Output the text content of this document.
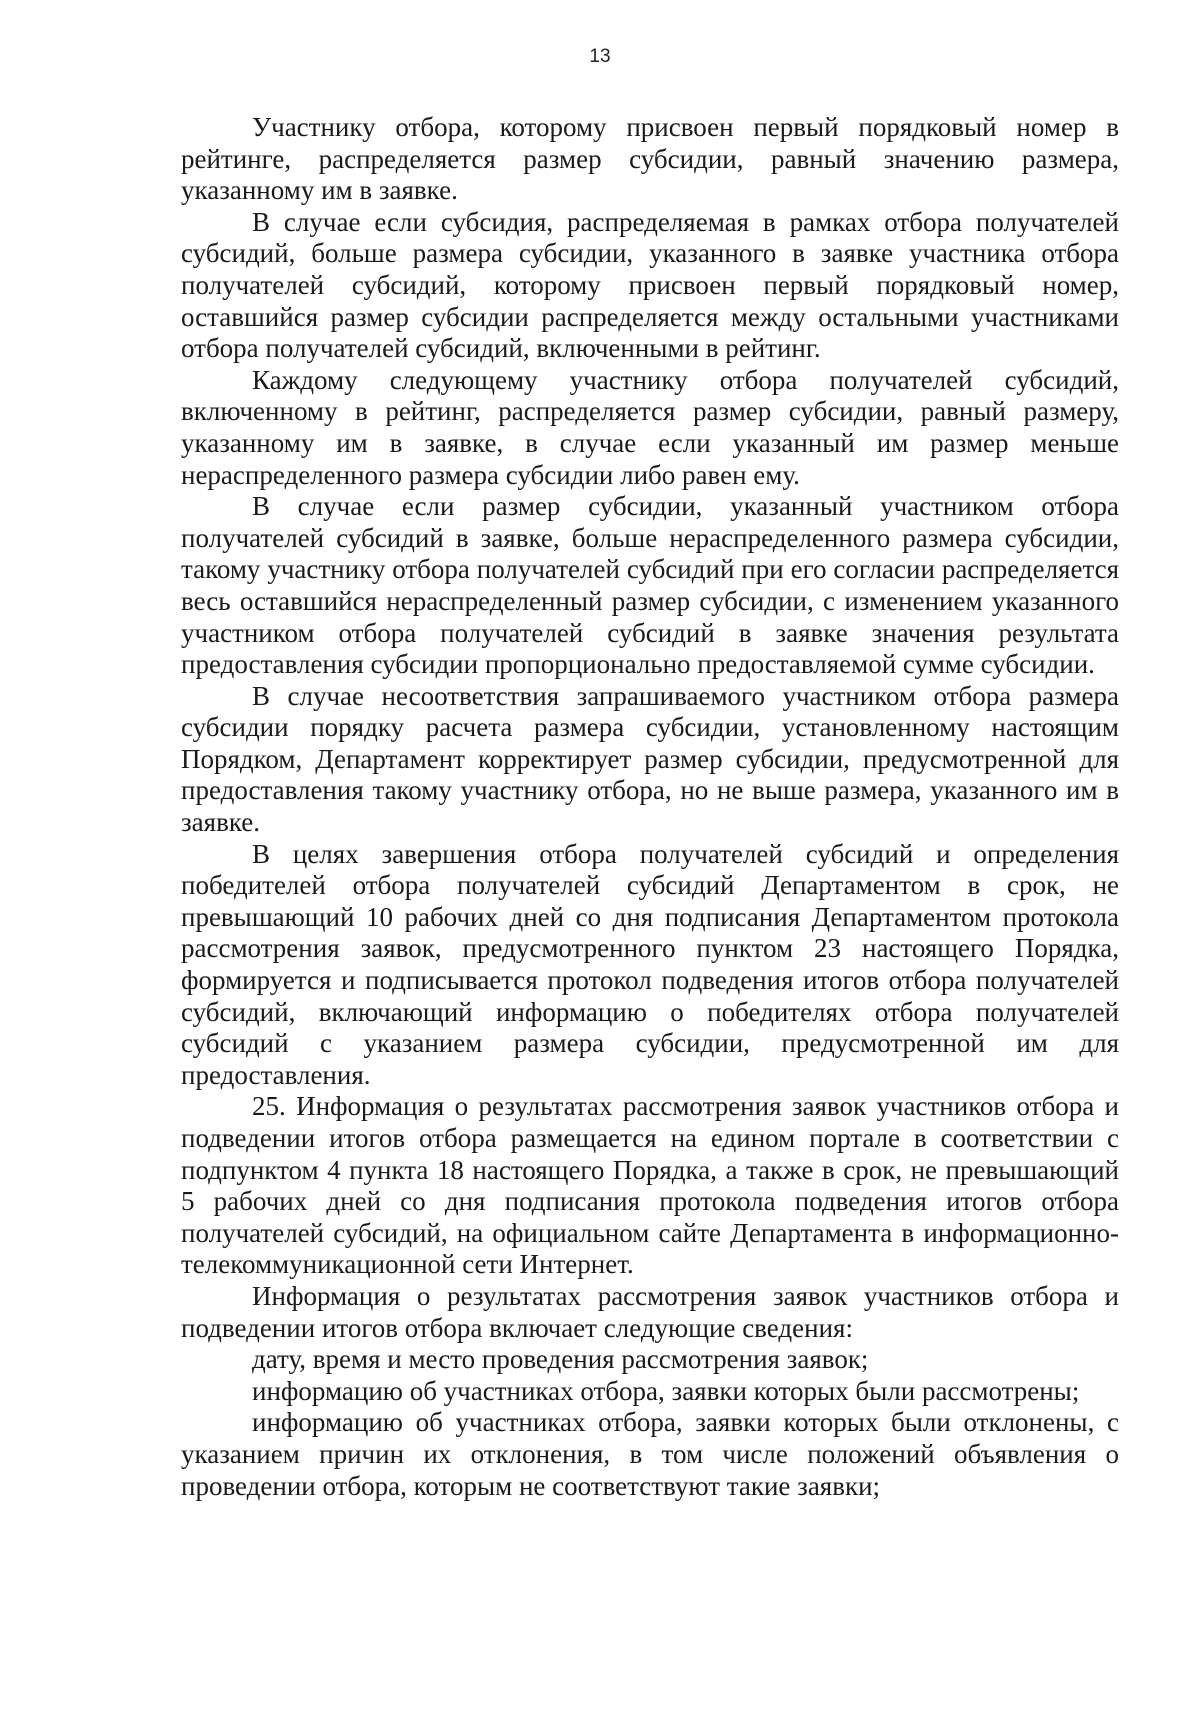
13

Участнику отбора, которому присвоен первый порядковый номер в рейтинге, распределяется размер субсидии, равный значению размера, указанному им в заявке.

В случае если субсидия, распределяемая в рамках отбора получателей субсидий, больше размера субсидии, указанного в заявке участника отбора получателей субсидий, которому присвоен первый порядковый номер, оставшийся размер субсидии распределяется между остальными участниками отбора получателей субсидий, включенными в рейтинг.

Каждому следующему участнику отбора получателей субсидий, включенному в рейтинг, распределяется размер субсидии, равный размеру, указанному им в заявке, в случае если указанный им размер меньше нераспределенного размера субсидии либо равен ему.

В случае если размер субсидии, указанный участником отбора получателей субсидий в заявке, больше нераспределенного размера субсидии, такому участнику отбора получателей субсидий при его согласии распределяется весь оставшийся нераспределенный размер субсидии, с изменением указанного участником отбора получателей субсидий в заявке значения результата предоставления субсидии пропорционально предоставляемой сумме субсидии.

В случае несоответствия запрашиваемого участником отбора размера субсидии порядку расчета размера субсидии, установленному настоящим Порядком, Департамент корректирует размер субсидии, предусмотренной для предоставления такому участнику отбора, но не выше размера, указанного им в заявке.

В целях завершения отбора получателей субсидий и определения победителей отбора получателей субсидий Департаментом в срок, не превышающий 10 рабочих дней со дня подписания Департаментом протокола рассмотрения заявок, предусмотренного пунктом 23 настоящего Порядка, формируется и подписывается протокол подведения итогов отбора получателей субсидий, включающий информацию о победителях отбора получателей субсидий с указанием размера субсидии, предусмотренной им для предоставления.

25. Информация о результатах рассмотрения заявок участников отбора и подведении итогов отбора размещается на едином портале в соответствии с подпунктом 4 пункта 18 настоящего Порядка, а также в срок, не превышающий 5 рабочих дней со дня подписания протокола подведения итогов отбора получателей субсидий, на официальном сайте Департамента в информационно-телекоммуникационной сети Интернет.

Информация о результатах рассмотрения заявок участников отбора и подведении итогов отбора включает следующие сведения:

дату, время и место проведения рассмотрения заявок;

информацию об участниках отбора, заявки которых были рассмотрены;

информацию об участниках отбора, заявки которых были отклонены, с указанием причин их отклонения, в том числе положений объявления о проведении отбора, которым не соответствуют такие заявки;
